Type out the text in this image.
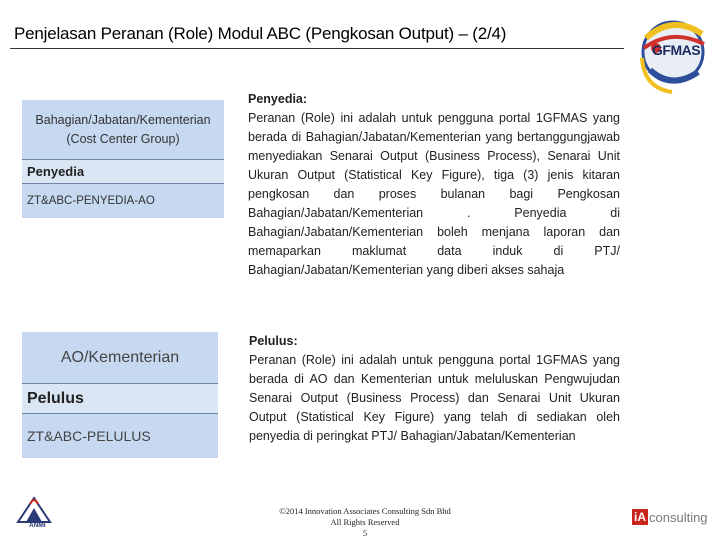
Penjelasan Peranan (Role) Modul ABC (Pengkosan Output) – (2/4)
GFMAS
Bahagian/Jabatan/Kementerian
(Cost Center Group)
Penyedia
ZT&ABC-PENYEDIA-AO
Penyedia:
Peranan (Role) ini adalah untuk pengguna portal 1GFMAS yang berada di Bahagian/Jabatan/Kementerian yang bertanggungjawab menyediakan Senarai Output (Business Process), Senarai Unit Ukuran Output (Statistical Key Figure), tiga (3) jenis kitaran pengkosan dan proses bulanan bagi Pengkosan Bahagian/Jabatan/Kementerian . Penyedia di Bahagian/Jabatan/Kementerian boleh menjana laporan dan memaparkan maklumat data induk di PTJ/ Bahagian/Jabatan/Kementerian yang diberi akses sahaja
AO/Kementerian
Pelulus
ZT&ABC-PELULUS
Pelulus:
Peranan (Role) ini adalah untuk pengguna portal 1GFMAS yang berada di AO dan Kementerian untuk meluluskan Pengwujudan Senarai Output (Business Process) dan Senarai Unit Ukuran Output (Statistical Key Figure) yang telah di sediakan oleh penyedia di peringkat PTJ/ Bahagian/Jabatan/Kementerian
ANMI
©2014 Innovation Associates Consulting Sdn Bhd
All Rights Reserved
5
iA consulting
